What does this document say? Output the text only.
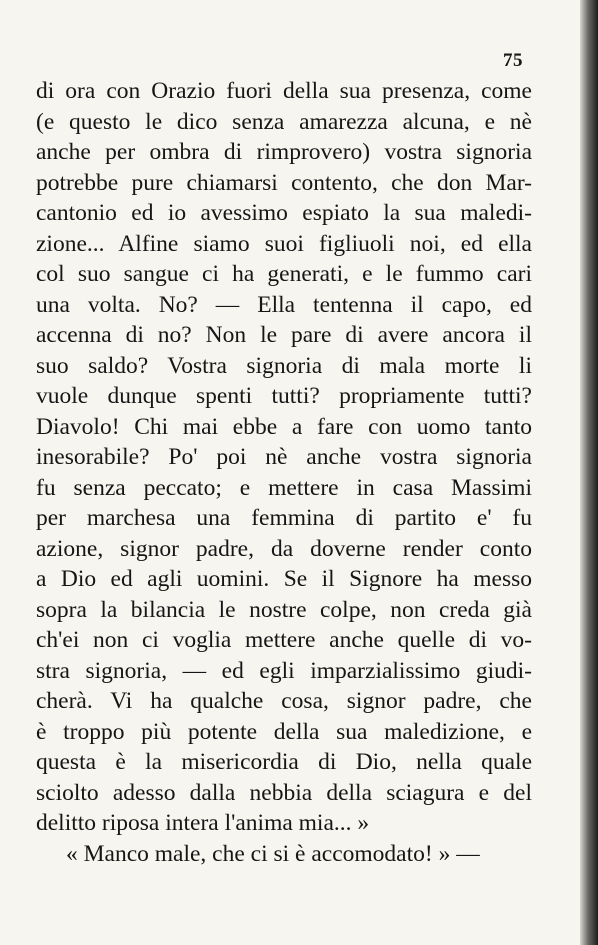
75
di ora con Orazio fuori della sua presenza, come
(e questo le dico senza amarezza alcuna, e nè
anche per ombra di rimprovero) vostra signoria
potrebbe pure chiamarsi contento, che don Mar-
cantonio ed io avessimo espiato la sua maledi-
zione... Alfine siamo suoi figliuoli noi, ed ella
col suo sangue ci ha generati, e le fummo cari
una volta. No? — Ella tentenna il capo, ed
accenna di no? Non le pare di avere ancora il
suo saldo? Vostra signoria di mala morte li
vuole dunque spenti tutti? propriamente tutti?
Diavolo! Chi mai ebbe a fare con uomo tanto
inesorabile? Po' poi nè anche vostra signoria
fu senza peccato; e mettere in casa Massimi
per marchesa una femmina di partito e' fu
azione, signor padre, da doverne render conto
a Dio ed agli uomini. Se il Signore ha messo
sopra la bilancia le nostre colpe, non creda già
ch'ei non ci voglia mettere anche quelle di vo-
stra signoria, — ed egli imparzialissimo giudi-
cherà. Vi ha qualche cosa, signor padre, che
è troppo più potente della sua maledizione, e
questa è la misericordia di Dio, nella quale
sciolto adesso dalla nebbia della sciagura e del
delitto riposa intera l'anima mia... »
« Manco male, che ci si è accomodato! » —
